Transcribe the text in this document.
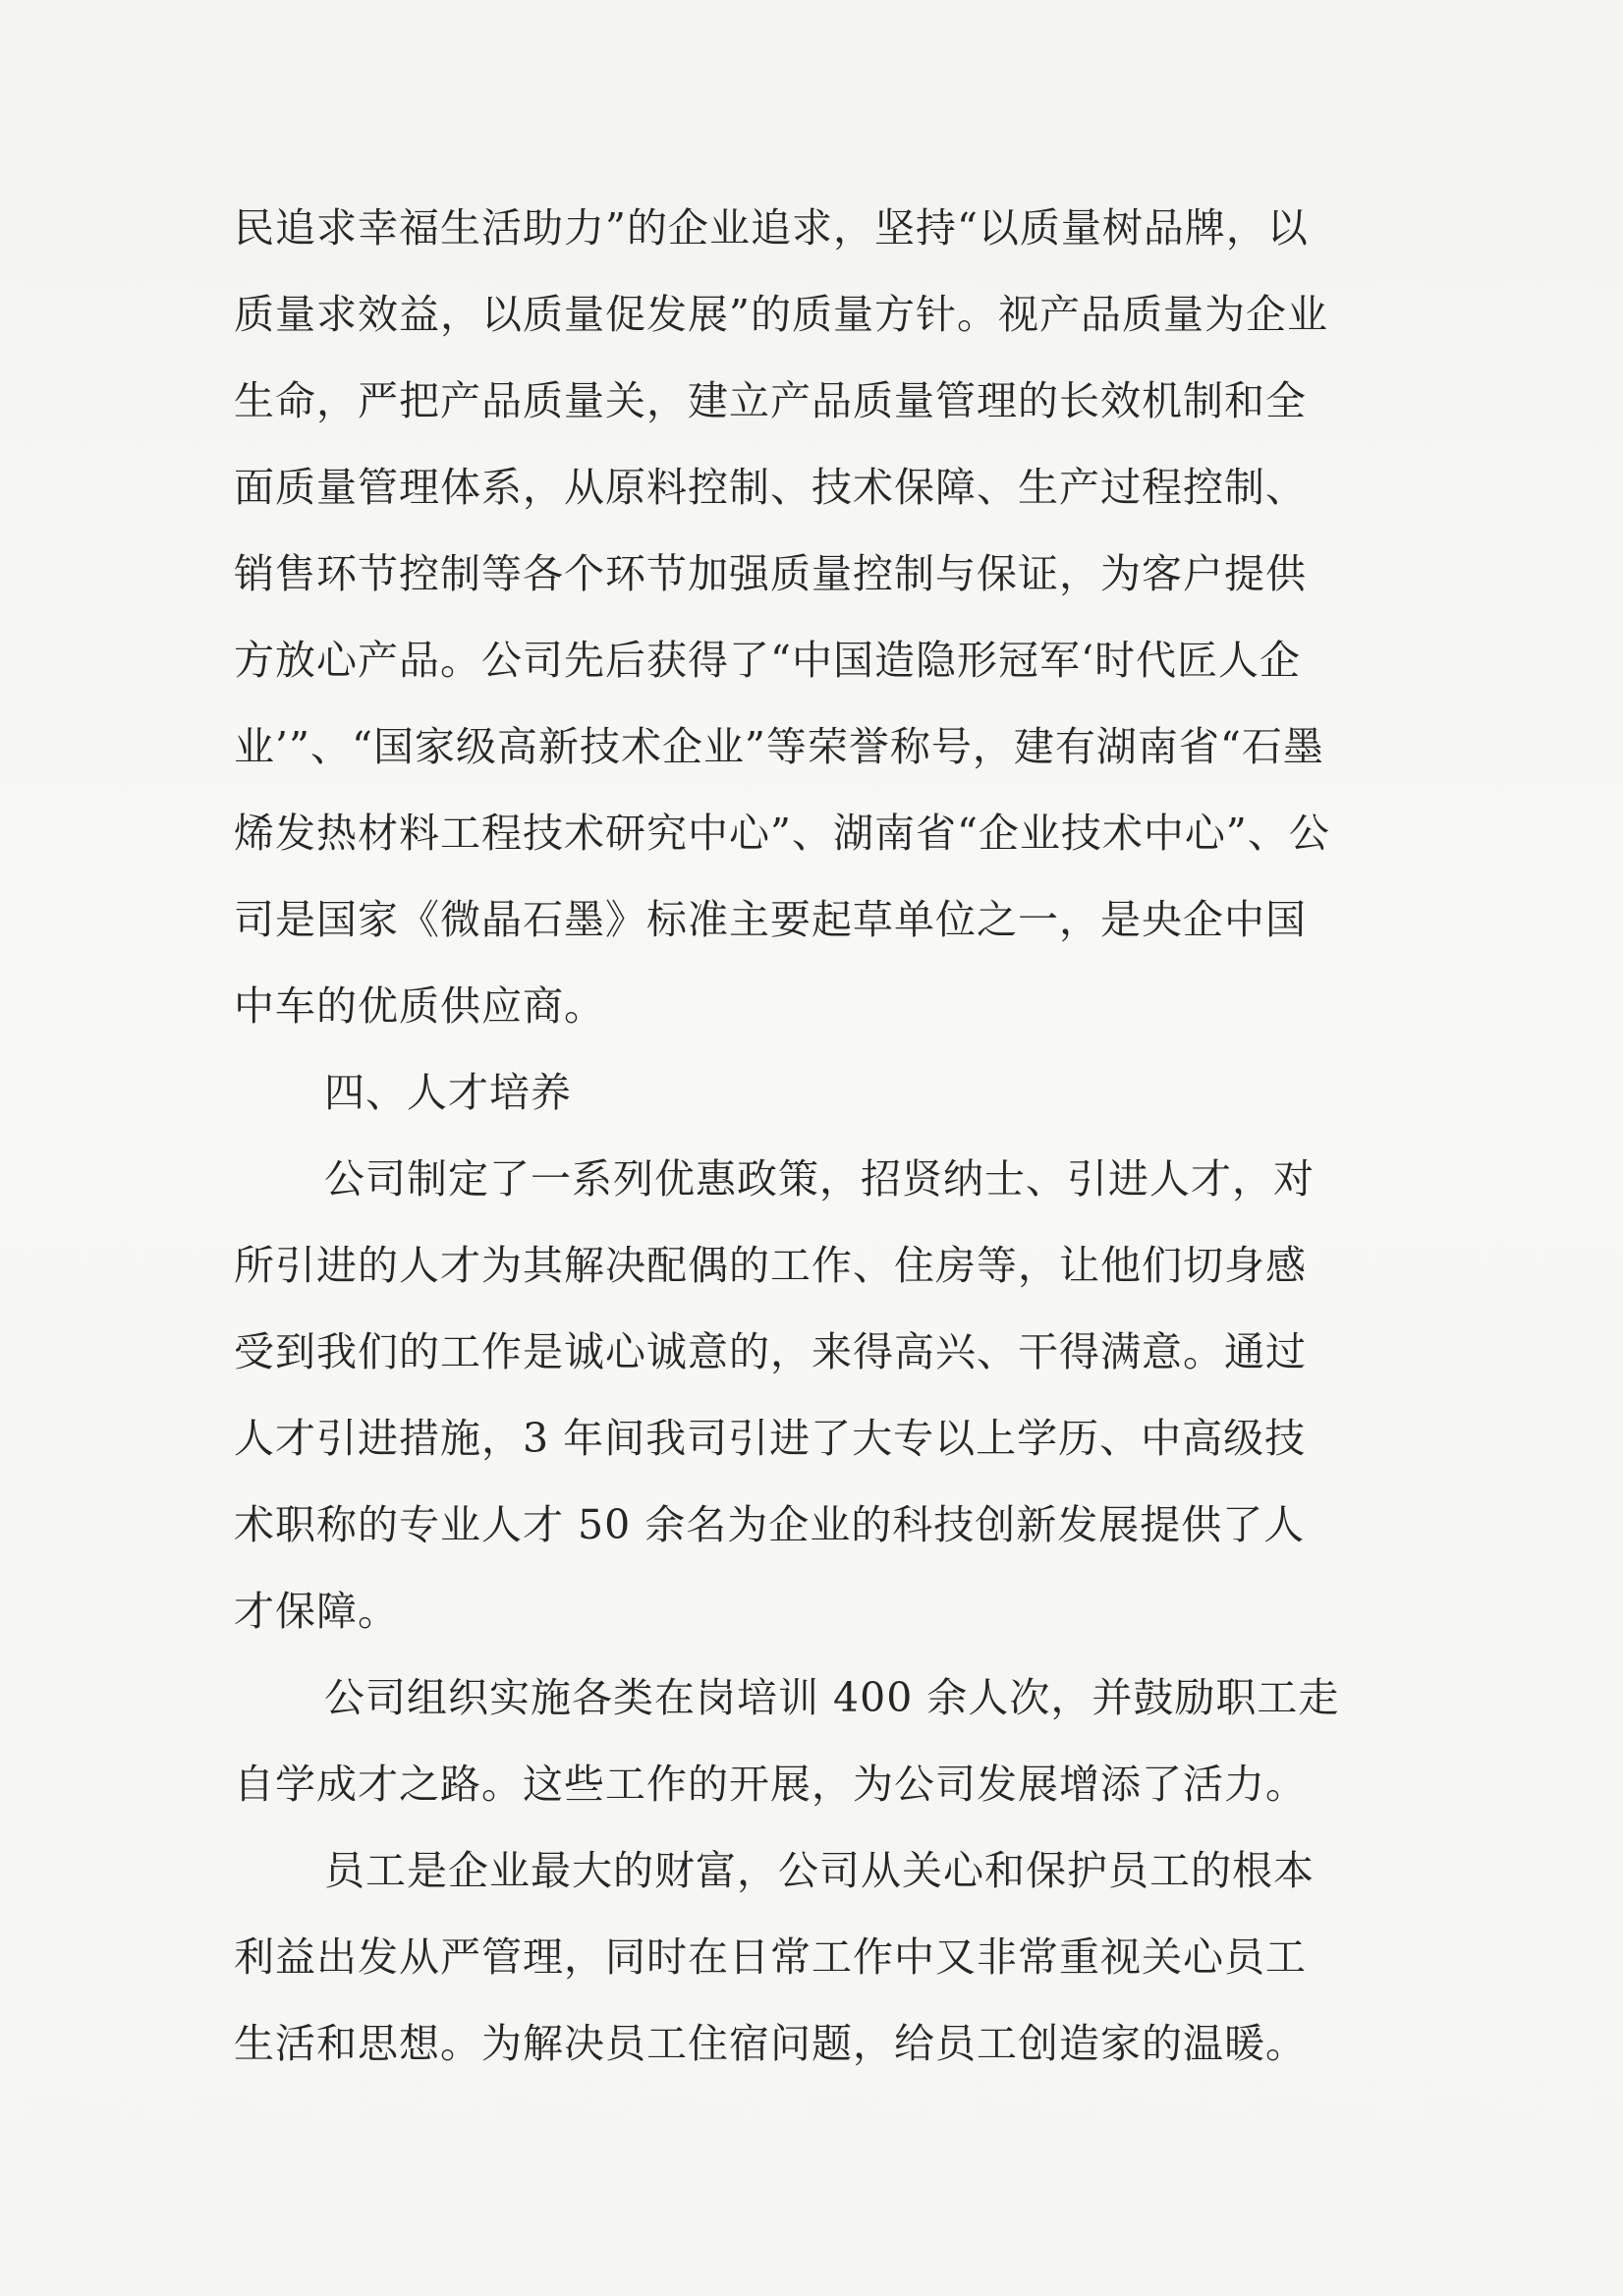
民追求幸福生活助力”的企业追求，坚持“以质量树品牌，以
质量求效益，以质量促发展”的质量方针。视产品质量为企业
生命，严把产品质量关，建立产品质量管理的长效机制和全
面质量管理体系，从原料控制、技术保障、生产过程控制、
销售环节控制等各个环节加强质量控制与保证，为客户提供
方放心产品。公司先后获得了“中国造隐形冠军‘时代匠人企
业’”、“国家级高新技术企业”等荣誉称号，建有湖南省“石墨
烯发热材料工程技术研究中心”、湖南省“企业技术中心”、公
司是国家《微晶石墨》标准主要起草单位之一，是央企中国
中车的优质供应商。
四、人才培养
公司制定了一系列优惠政策，招贤纳士、引进人才，对
所引进的人才为其解决配偶的工作、住房等，让他们切身感
受到我们的工作是诚心诚意的，来得高兴、干得满意。通过
人才引进措施，3 年间我司引进了大专以上学历、中高级技
术职称的专业人才 50 余名为企业的科技创新发展提供了人
才保障。
公司组织实施各类在岗培训 400 余人次，并鼓励职工走
自学成才之路。这些工作的开展，为公司发展增添了活力。
员工是企业最大的财富，公司从关心和保护员工的根本
利益出发从严管理，同时在日常工作中又非常重视关心员工
生活和思想。为解决员工住宿问题，给员工创造家的温暖。
